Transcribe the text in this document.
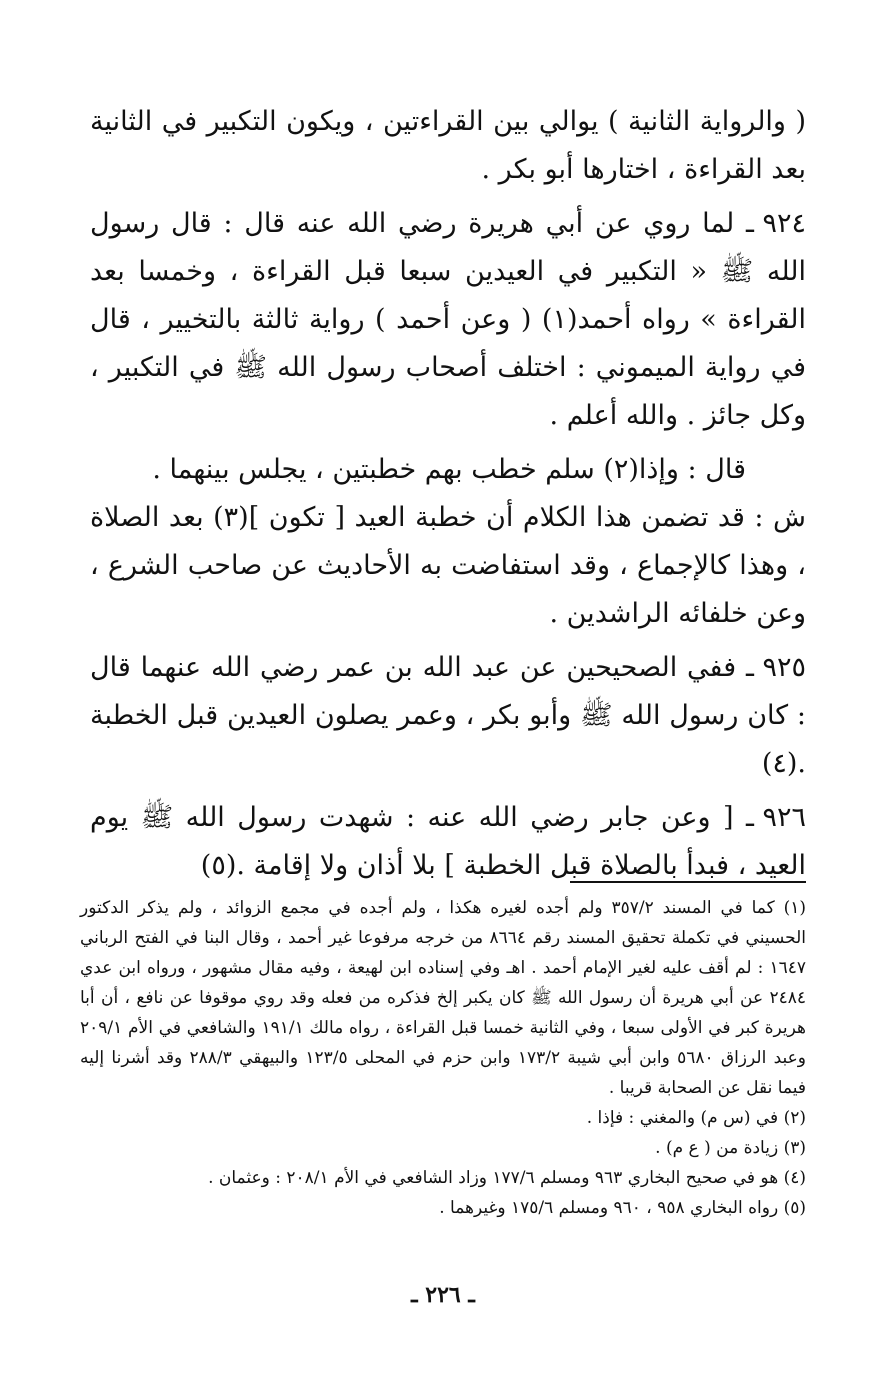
( والرواية الثانية ) يوالي بين القراءتين ، ويكون التكبير في الثانية بعد القراءة ، اختارها أبو بكر .

٩٢٤ ـ لما روي عن أبي هريرة رضي الله عنه قال : قال رسول الله ﷺ « التكبير في العيدين سبعا قبل القراءة ، وخمسا بعد القراءة » رواه أحمد(١) ( وعن أحمد ) رواية ثالثة بالتخيير ، قال في رواية الميموني : اختلف أصحاب رسول الله ﷺ في التكبير ، وكل جائز . والله أعلم .

قال : وإذا(٢) سلم خطب بهم خطبتين ، يجلس بينهما .

ش : قد تضمن هذا الكلام أن خطبة العيد [ تكون ](٣) بعد الصلاة ، وهذا كالإجماع ، وقد استفاضت به الأحاديث عن صاحب الشرع ، وعن خلفائه الراشدين .

٩٢٥ ـ ففي الصحيحين عن عبد الله بن عمر رضي الله عنهما قال : كان رسول الله ﷺ وأبو بكر ، وعمر يصلون العيدين قبل الخطبة .(٤)

٩٢٦ ـ [ وعن جابر رضي الله عنه : شهدت رسول الله ﷺ يوم العيد ، فبدأ بالصلاة قبل الخطبة ] بلا أذان ولا إقامة .(٥)

(١) كما في المسند ٣٥٧/٢ ولم أجده لغيره هكذا ، ولم أجده في مجمع الزوائد ، ولم يذكر الدكتور الحسيني في تكملة تحقيق المسند رقم ٨٦٦٤ من خرجه مرفوعا غير أحمد ، وقال البنا في الفتح الرباني ١٦٤٧ : لم أقف عليه لغير الإمام أحمد . اهـ وفي إسناده ابن لهيعة ، وفيه مقال مشهور ، ورواه ابن عدي ٢٤٨٤ عن أبي هريرة أن رسول الله ﷺ كان يكبر إلخ فذكره من فعله وقد روي موقوفا عن نافع ، أن أبا هريرة كبر في الأولى سبعا ، وفي الثانية خمسا قبل القراءة ، رواه مالك ١٩١/١ والشافعي في الأم ٢٠٩/١ وعبد الرزاق ٥٦٨٠ وابن أبي شيبة ١٧٣/٢ وابن حزم في المحلى ١٢٣/٥ والبيهقي ٢٨٨/٣ وقد أشرنا إليه فيما نقل عن الصحابة قريبا .

(٢) في (س م) والمغني : فإذا .

(٣) زيادة من ( ع م) .

(٤) هو في صحيح البخاري ٩٦٣ ومسلم ١٧٧/٦ وزاد الشافعي في الأم ٢٠٨/١ : وعثمان .

(٥) رواه البخاري ٩٥٨ ، ٩٦٠ ومسلم ١٧٥/٦ وغيرهما .

ـ ٢٢٦ ـ
